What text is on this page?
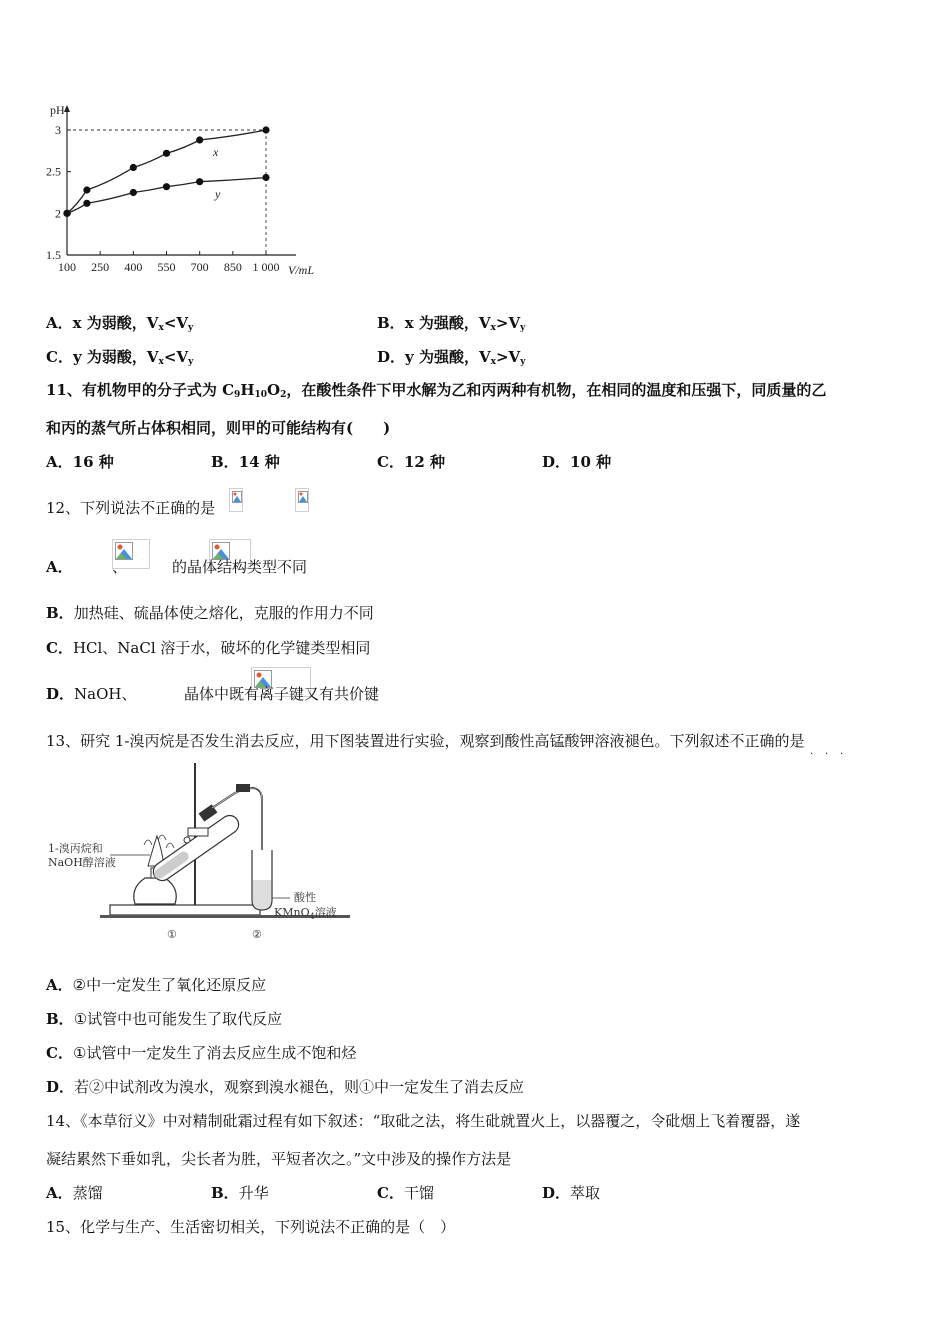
3
2.5
2
1.5
100 250 400 550 700 850 1 000
pH
V/mL
x
y
A．x 为弱酸，$V_x<V_y$	B．x 为强酸，$V_x>V_y$
C．y 为弱酸，$V_x<V_y$	D．y 为强酸，$V_x>V_y$
11、有机物甲的分子式为 $C_9H_{10}O_2$，在酸性条件下甲水解为乙和丙两种有机物，在相同的温度和压强下，同质量的乙
和丙的蒸气所占体积相同，则甲的可能结构有(　　)
A．16 种	B．14 种	C．12 种	D．10 种
12、下列说法不正确的是

A．
	、
	的晶体结构类型不同
B．加热硅、硫晶体使之熔化，克服的作用力不同
C．HCl、NaCl 溶于水，破坏的化学键类型相同
D．NaOH、	晶体中既有离子键又有共价键
13、研究 1-溴丙烷是否发生消去反应，用下图装置进行实验，观察到酸性高锰酸钾溶液褪色。下列叙述不正确的是
· · ·
1-溴丙烷和
NaOH醇溶液
酸性
KMnO$_4$溶液
①	②
A．②中一定发生了氧化还原反应
B．①试管中也可能发生了取代反应
C．①试管中一定发生了消去反应生成不饱和烃
D．若②中试剂改为溴水，观察到溴水褪色，则①中一定发生了消去反应
14、《本草衍义》中对精制砒霜过程有如下叙述：“取砒之法，将生砒就置火上，以器覆之，令砒烟上飞着覆器，遂
凝结累然下垂如乳，尖长者为胜，平短者次之。”文中涉及的操作方法是
A．蒸馏	B．升华	C．干馏	D．萃取
15、化学与生产、生活密切相关，下列说法不正确的是（　）
